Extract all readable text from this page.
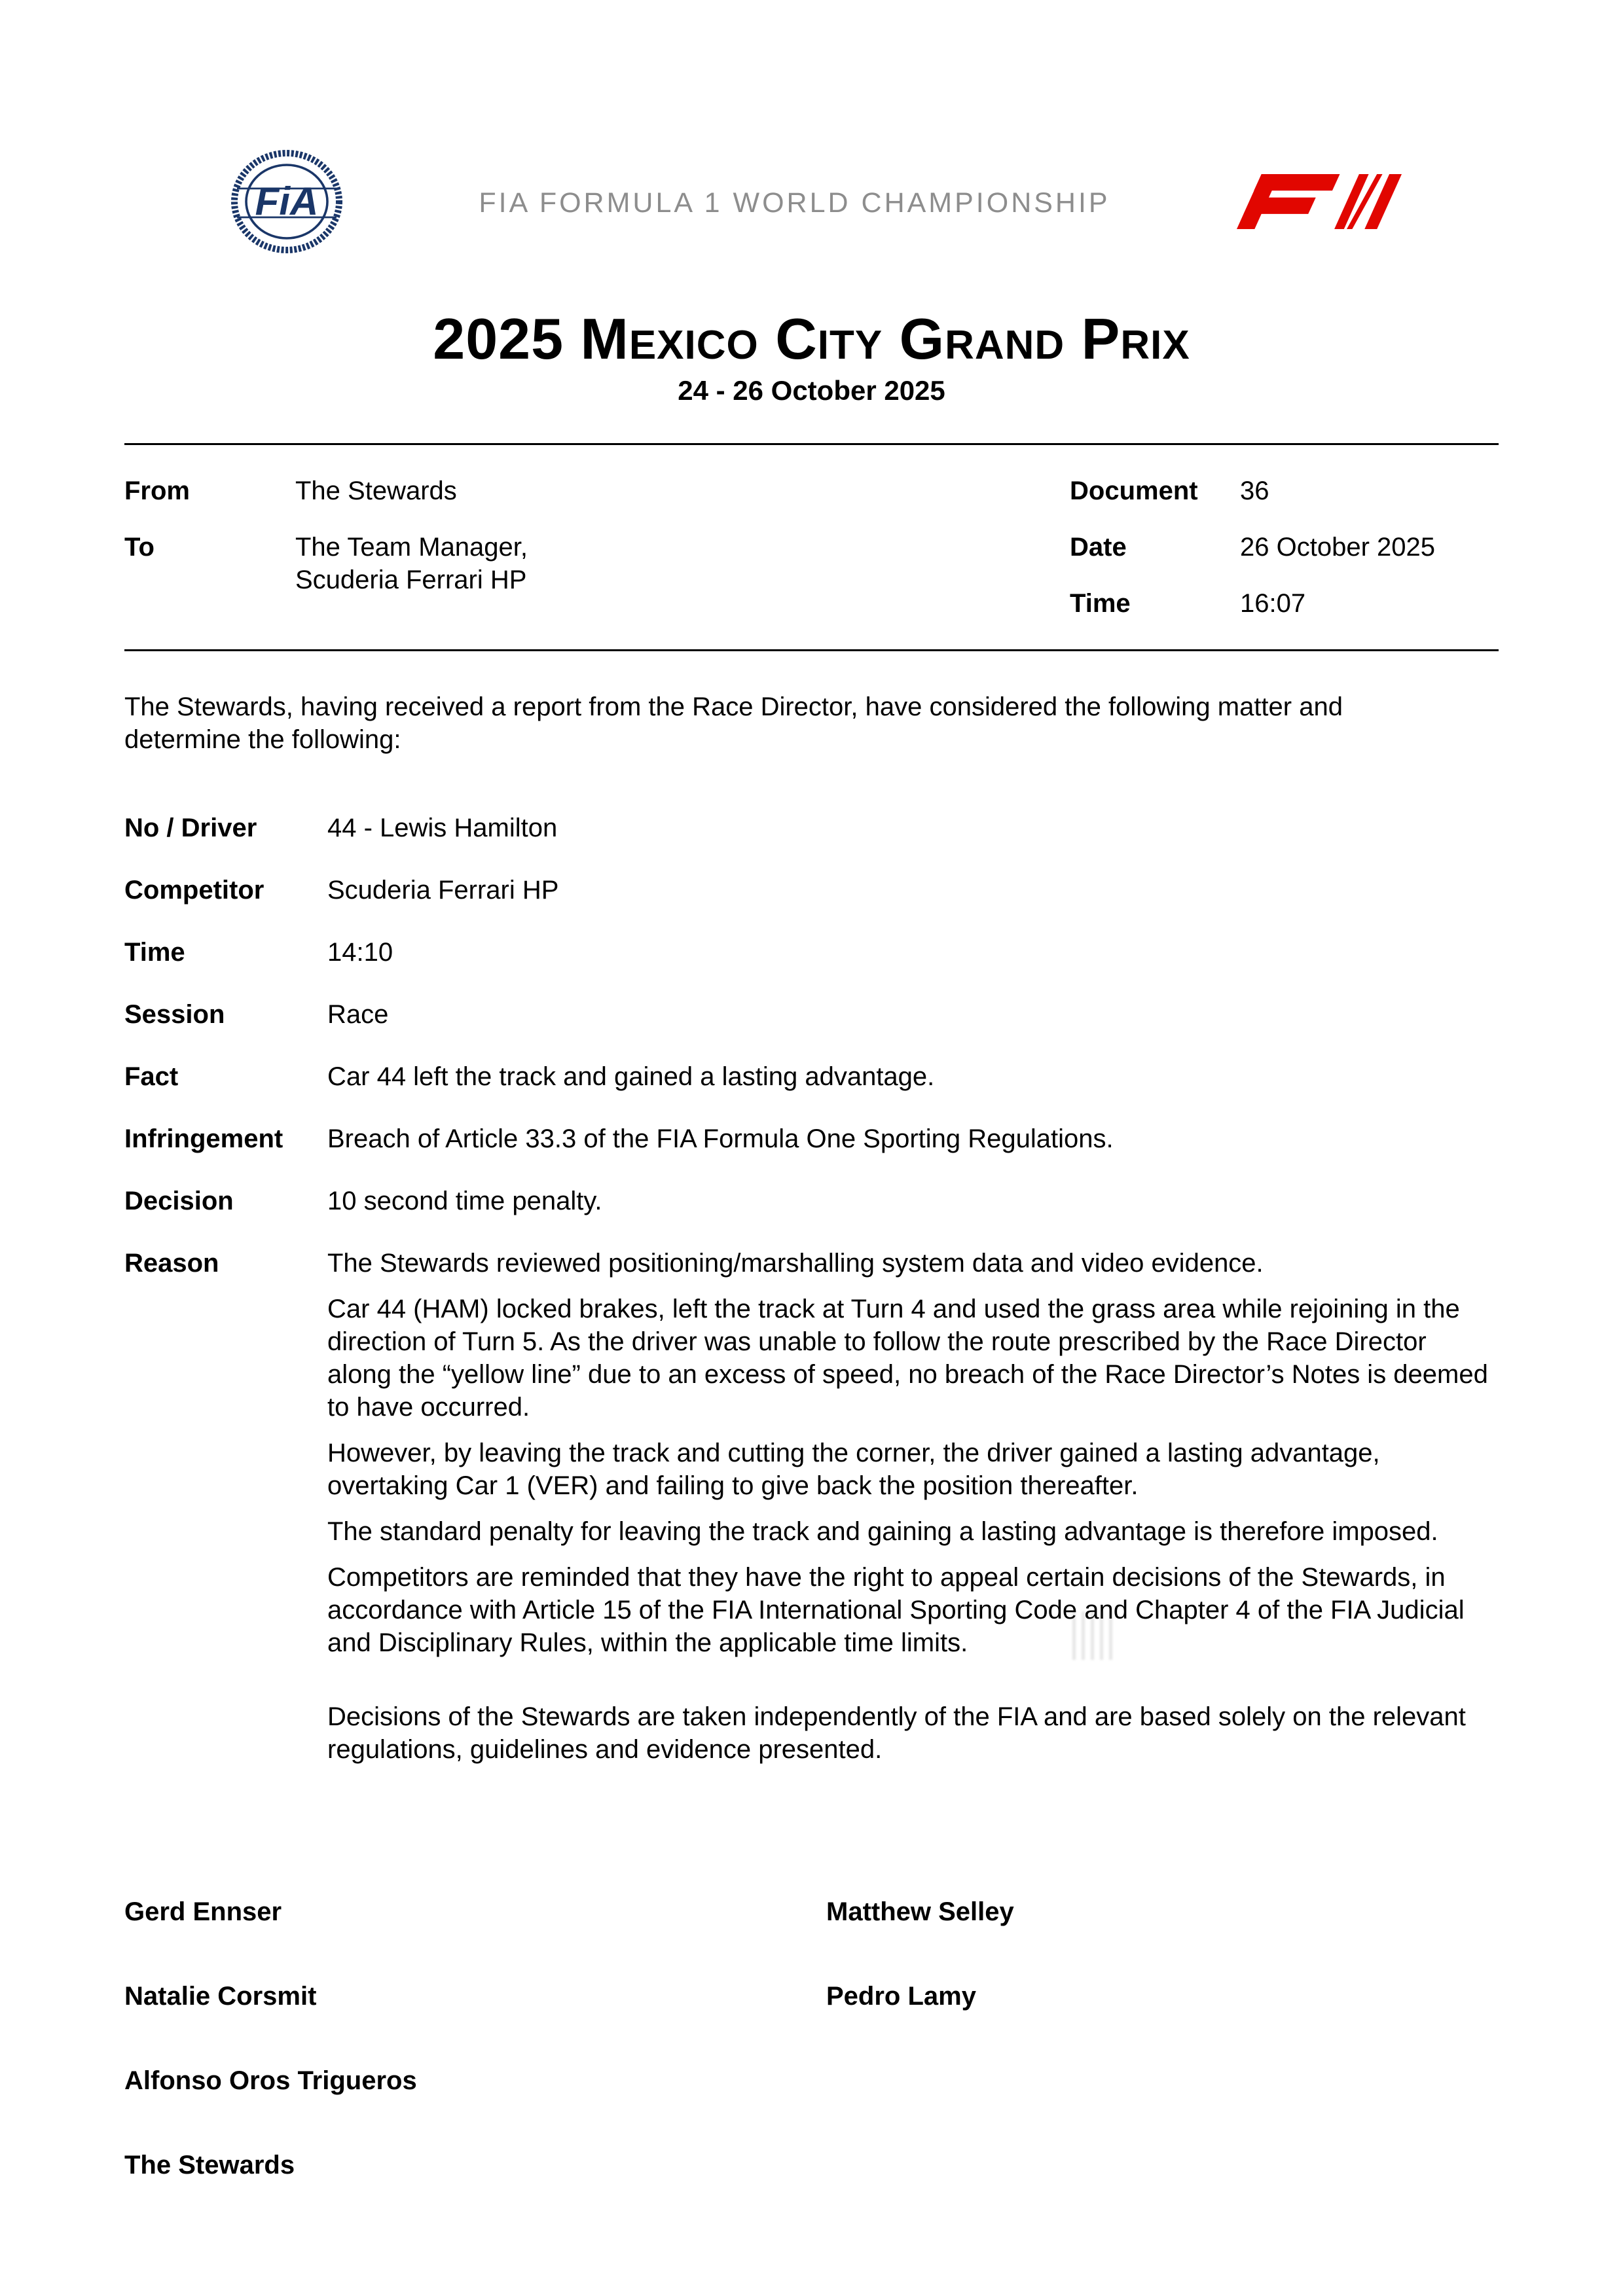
FiA	FIA FORMULA 1 WORLD CHAMPIONSHIP
2025 Mexico City Grand Prix
24 - 26 October 2025
From	The Stewards
To	The Team Manager,
Scuderia Ferrari HP
Document	36
Date	26 October 2025
Time	16:07

The Stewards, having received a report from the Race Director, have considered the following matter and determine the following:

No / Driver	44 - Lewis Hamilton
Competitor	Scuderia Ferrari HP
Time	14:10
Session	Race
Fact	Car 44 left the track and gained a lasting advantage.
Infringement	Breach of Article 33.3 of the FIA Formula One Sporting Regulations.
Decision	10 second time penalty.
Reason	The Stewards reviewed positioning/marshalling system data and video evidence.

Car 44 (HAM) locked brakes, left the track at Turn 4 and used the grass area while rejoining in the direction of Turn 5. As the driver was unable to follow the route prescribed by the Race Director along the “yellow line” due to an excess of speed, no breach of the Race Director’s Notes is deemed to have occurred.

However, by leaving the track and cutting the corner, the driver gained a lasting advantage, overtaking Car 1 (VER) and failing to give back the position thereafter.

The standard penalty for leaving the track and gaining a lasting advantage is therefore imposed.

Competitors are reminded that they have the right to appeal certain decisions of the Stewards, in accordance with Article 15 of the FIA International Sporting Code and Chapter 4 of the FIA Judicial and Disciplinary Rules, within the applicable time limits.

Decisions of the Stewards are taken independently of the FIA and are based solely on the relevant regulations, guidelines and evidence presented.

Gerd Ennser	Matthew Selley
Natalie Corsmit	Pedro Lamy
Alfonso Oros Trigueros
The Stewards
